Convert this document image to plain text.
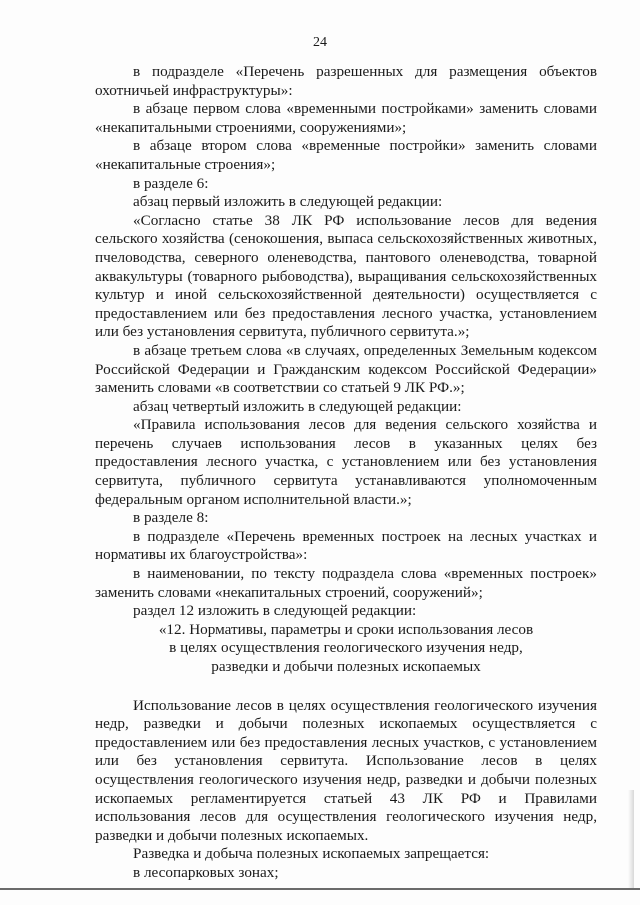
24

в подразделе «Перечень разрешенных для размещения объектов охотничьей инфраструктуры»:

в абзаце первом слова «временными постройками» заменить словами «некапитальными строениями, сооружениями»;

в абзаце втором слова «временные постройки» заменить словами «некапитальные строения»;

в разделе 6:

абзац первый изложить в следующей редакции:

«Согласно статье 38 ЛК РФ использование лесов для ведения сельского хозяйства (сенокошения, выпаса сельскохозяйственных животных, пчеловодства, северного оленеводства, пантового оленеводства, товарной аквакультуры (товарного рыбоводства), выращивания сельскохозяйственных культур и иной сельскохозяйственной деятельности) осуществляется с предоставлением или без предоставления лесного участка, установлением или без установления сервитута, публичного сервитута.»;

в абзаце третьем слова «в случаях, определенных Земельным кодексом Российской Федерации и Гражданским кодексом Российской Федерации» заменить словами «в соответствии со статьей 9 ЛК РФ.»;

абзац четвертый изложить в следующей редакции:

«Правила использования лесов для ведения сельского хозяйства и перечень случаев использования лесов в указанных целях без предоставления лесного участка, с установлением или без установления сервитута, публичного сервитута устанавливаются уполномоченным федеральным органом исполнительной власти.»;

в разделе 8:

в подразделе «Перечень временных построек на лесных участках и нормативы их благоустройства»:

в наименовании, по тексту подраздела слова «временных построек» заменить словами «некапитальных строений, сооружений»;

раздел 12 изложить в следующей редакции:

«12. Нормативы, параметры и сроки использования лесов

в целях осуществления геологического изучения недр,

разведки и добычи полезных ископаемых

Использование лесов в целях осуществления геологического изучения недр, разведки и добычи полезных ископаемых осуществляется с предоставлением или без предоставления лесных участков, с установлением или без установления сервитута. Использование лесов в целях осуществления геологического изучения недр, разведки и добычи полезных ископаемых регламентируется статьей 43 ЛК РФ и Правилами использования лесов для осуществления геологического изучения недр, разведки и добычи полезных ископаемых.

Разведка и добыча полезных ископаемых запрещается:

в лесопарковых зонах;
